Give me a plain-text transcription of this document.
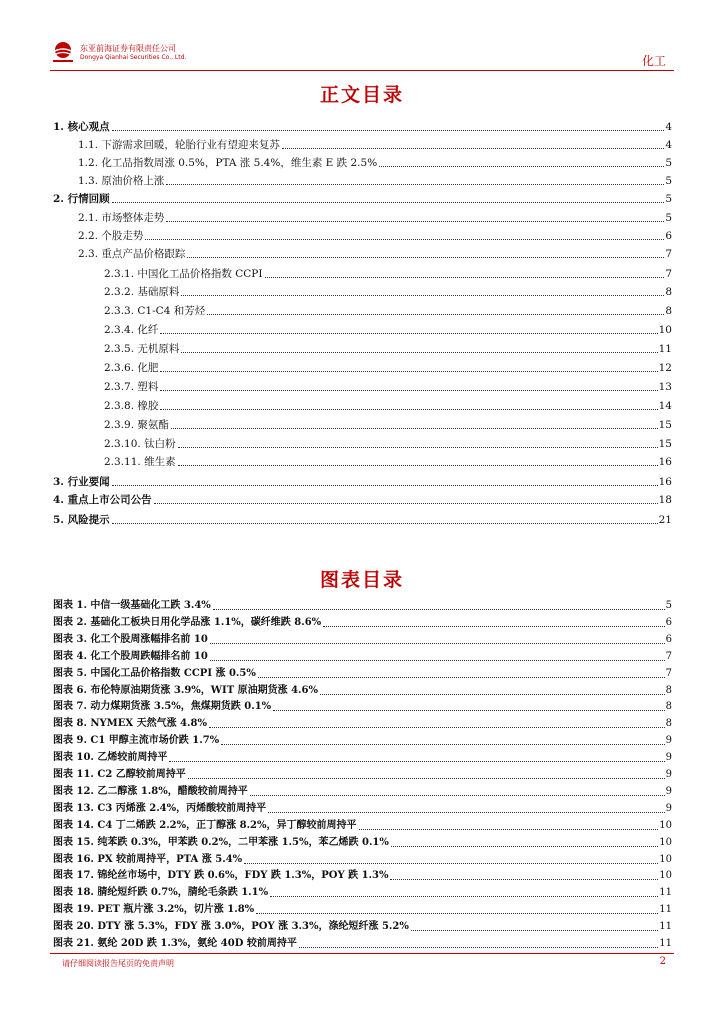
东亚前海证券有限责任公司
Dongya Qianhai Securities Co., Ltd.	化工
正文目录
1. 核心观点	4
1.1. 下游需求回暖，轮胎行业有望迎来复苏	4
1.2. 化工品指数周涨 0.5%，PTA 涨 5.4%，维生素 E 跌 2.5%	5
1.3. 原油价格上涨	5
2. 行情回顾	5
2.1. 市场整体走势	5
2.2. 个股走势	6
2.3. 重点产品价格跟踪	7
2.3.1. 中国化工品价格指数 CCPI	7
2.3.2. 基础原料	8
2.3.3. C1-C4 和芳烃	8
2.3.4. 化纤	10
2.3.5. 无机原料	11
2.3.6. 化肥	12
2.3.7. 塑料	13
2.3.8. 橡胶	14
2.3.9. 聚氨酯	15
2.3.10. 钛白粉	15
2.3.11. 维生素	16
3. 行业要闻	16
4. 重点上市公司公告	18
5. 风险提示	21
图表目录
图表 1. 中信一级基础化工跌 3.4%	5
图表 2. 基础化工板块日用化学品涨 1.1%，碳纤维跌 8.6%	6
图表 3. 化工个股周涨幅排名前 10	6
图表 4. 化工个股周跌幅排名前 10	7
图表 5. 中国化工品价格指数 CCPI 涨 0.5%	7
图表 6. 布伦特原油期货涨 3.9%，WIT 原油期货涨 4.6%	8
图表 7. 动力煤期货涨 3.5%，焦煤期货跌 0.1%	8
图表 8. NYMEX 天然气涨 4.8%	8
图表 9. C1 甲醇主流市场价跌 1.7%	9
图表 10. 乙烯较前周持平	9
图表 11. C2 乙醇较前周持平	9
图表 12. 乙二醇涨 1.8%，醋酸较前周持平	9
图表 13. C3 丙烯涨 2.4%，丙烯酸较前周持平	9
图表 14. C4 丁二烯跌 2.2%，正丁醇涨 8.2%，异丁醇较前周持平	10
图表 15. 纯苯跌 0.3%，甲苯跌 0.2%，二甲苯涨 1.5%，苯乙烯跌 0.1%	10
图表 16. PX 较前周持平，PTA 涨 5.4%	10
图表 17. 锦纶丝市场中，DTY 跌 0.6%，FDY 跌 1.3%，POY 跌 1.3%	10
图表 18. 腈纶短纤跌 0.7%，腈纶毛条跌 1.1%	11
图表 19. PET 瓶片涨 3.2%，切片涨 1.8%	11
图表 20. DTY 涨 5.3%，FDY 涨 3.0%，POY 涨 3.3%，涤纶短纤涨 5.2%	11
图表 21. 氨纶 20D 跌 1.3%，氨纶 40D 较前周持平	11
请仔细阅读报告尾页的免责声明	2
